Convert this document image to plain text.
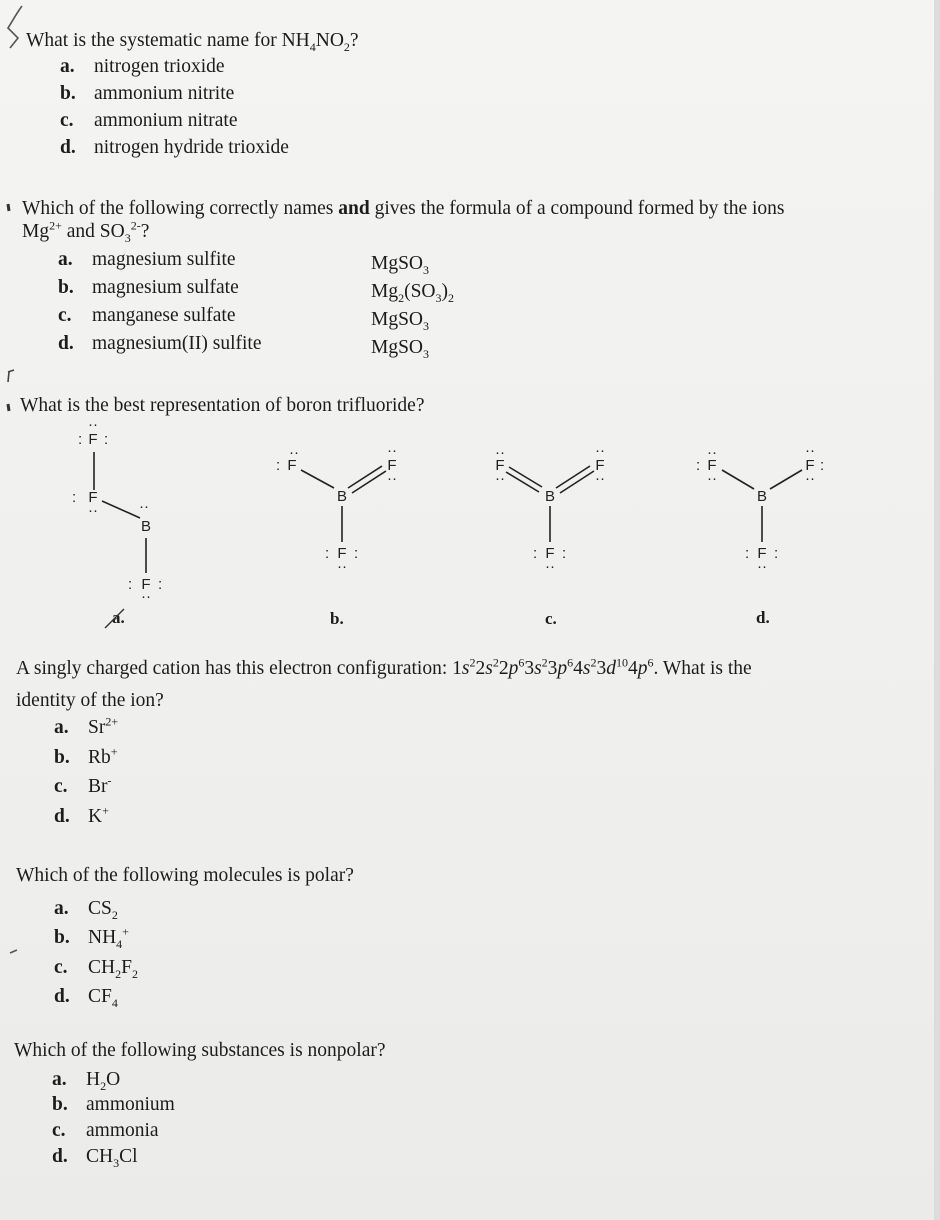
What is the systematic name for $NH_4NO_2$?
a. nitrogen trioxide
b. ammonium nitrite
c. ammonium nitrate
d. nitrogen hydride trioxide
Which of the following correctly names and gives the formula of a compound formed by the ions
$Mg^{2+}$ and $SO_3^{2-}$?
a. magnesium sulfite
b. magnesium sulfate
c. manganese sulfate
d. magnesium(II) sulfite
MgSO$_3$
$Mg_2(SO_3)_2$
MgSO$_3$
MgSO$_3$
What is the best representation of boron trifluoride?
F
: :
··
F
:
··
B
··
F
: :
··
a.
F
:
··
B
F
··
··
F
: :
··
b.
F
··
··
B
F
··
··
F
: :
··
c.
F
:
··
··
B
F :
··
··
F
: :
··
d.
A singly charged cation has this electron configuration: $1s^22s^22p^63s^23p^64s^23d^{10}4p^6$. What is the
identity of the ion?
a. $Sr^{2+}$
b. Rb+
c. Br-
d. K+
Which of the following molecules is polar?
a. $CS_2$
b. $NH_4^+$
c. $CH_2F_2$
d. $CF_4$
Which of the following substances is nonpolar?
a. $H_2O$
b. ammonium
c. ammonia
d. $CH_3Cl$
